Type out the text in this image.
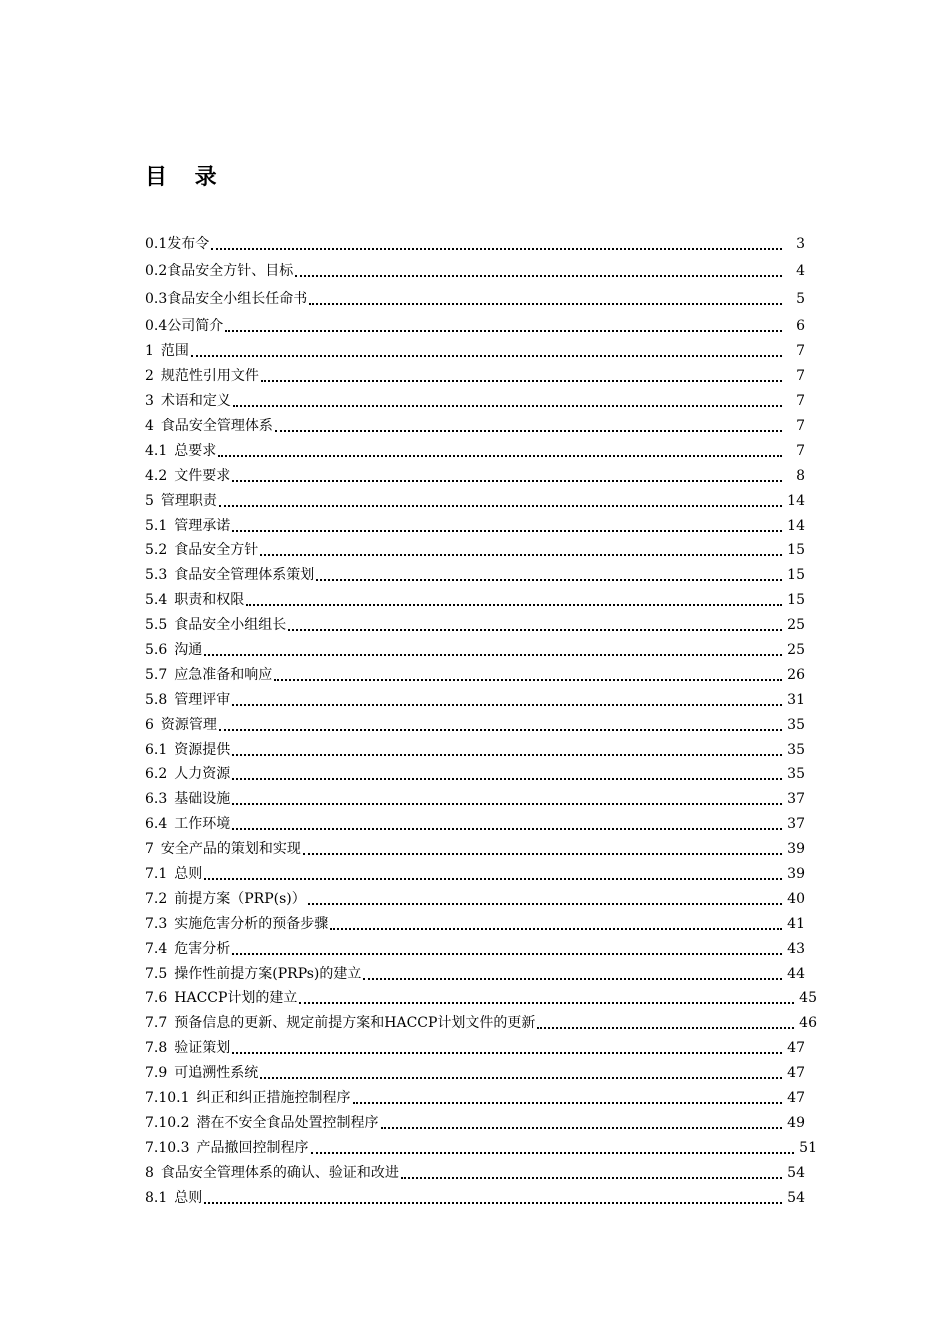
目 录
0.1 发布令	3
0.2 食品安全方针、目标	4
0.3 食品安全小组长任命书	5
0.4 公司简介	6
1 范围	7
2 规范性引用文件	7
3 术语和定义	7
4 食品安全管理体系	7
4.1 总要求	7
4.2 文件要求	8
5 管理职责	14
5.1 管理承诺	14
5.2 食品安全方针	15
5.3 食品安全管理体系策划	15
5.4 职责和权限	15
5.5 食品安全小组组长	25
5.6 沟通	25
5.7 应急准备和响应	26
5.8 管理评审	31
6 资源管理	35
6.1 资源提供	35
6.2 人力资源	35
6.3 基础设施	37
6.4 工作环境	37
7 安全产品的策划和实现	39
7.1 总则	39
7.2 前提方案（PRP(s)）	40
7.3 实施危害分析的预备步骤	41
7.4 危害分析	43
7.5 操作性前提方案(PRPs)的建立	44
7.6 HACCP计划的建立	45
7.7 预备信息的更新、规定前提方案和HACCP计划文件的更新	46
7.8 验证策划	47
7.9 可追溯性系统	47
7.10.1 纠正和纠正措施控制程序	47
7.10.2 潜在不安全食品处置控制程序	49
7.10.3 产品撤回控制程序	51
8 食品安全管理体系的确认、验证和改进	54
8.1 总则	54
